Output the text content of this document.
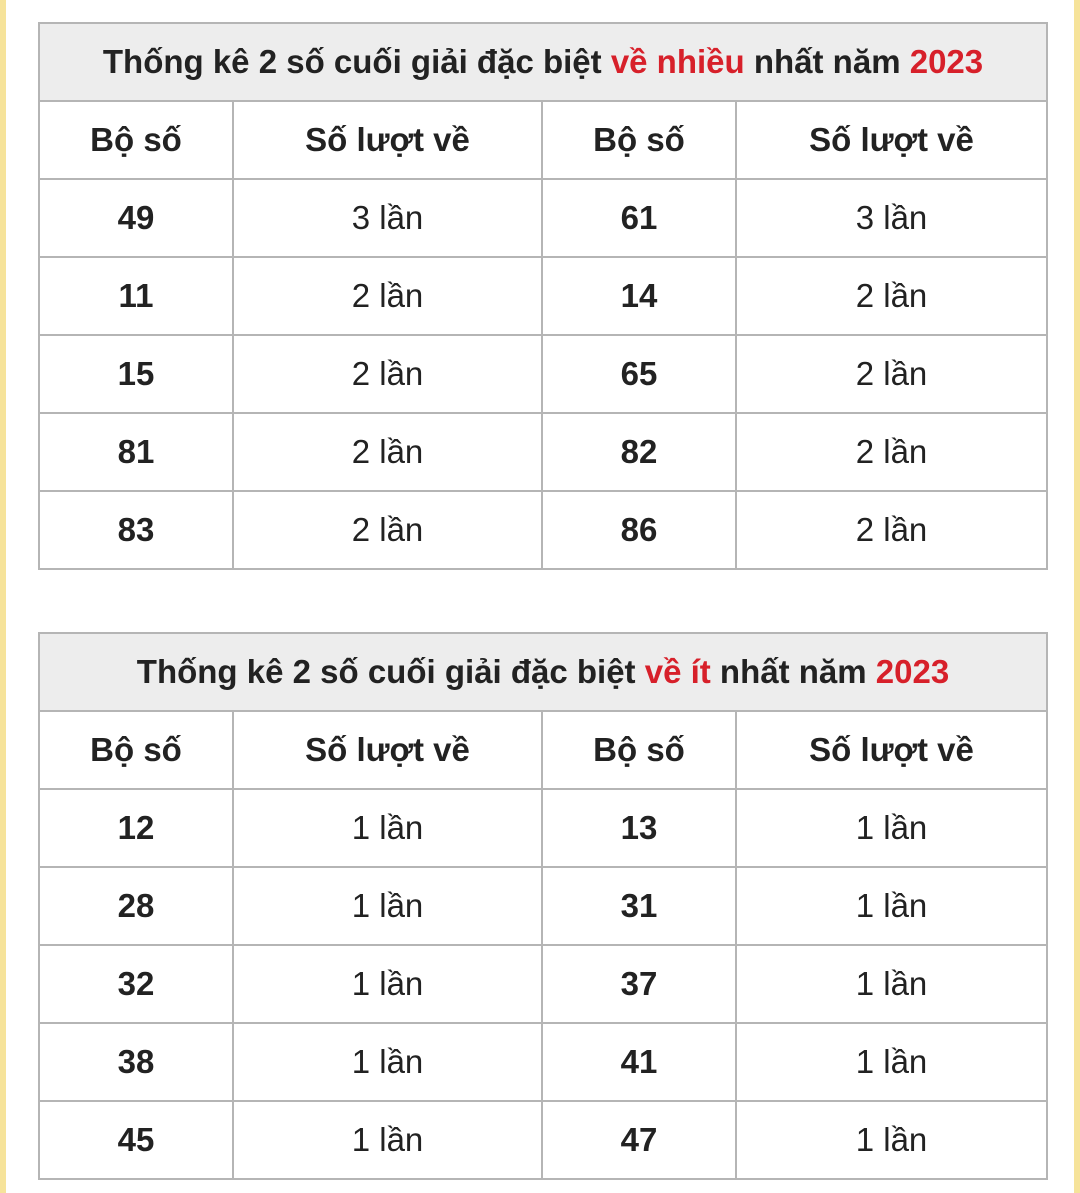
Thống kê 2 số cuối giải đặc biệt về nhiều nhất năm 2023			
Bộ số	Số lượt về	Bộ số	Số lượt về
49	3 lần	61	3 lần
11	2 lần	14	2 lần
15	2 lần	65	2 lần
81	2 lần	82	2 lần
83	2 lần	86	2 lần
Thống kê 2 số cuối giải đặc biệt về ít nhất năm 2023			
Bộ số	Số lượt về	Bộ số	Số lượt về
12	1 lần	13	1 lần
28	1 lần	31	1 lần
32	1 lần	37	1 lần
38	1 lần	41	1 lần
45	1 lần	47	1 lần
